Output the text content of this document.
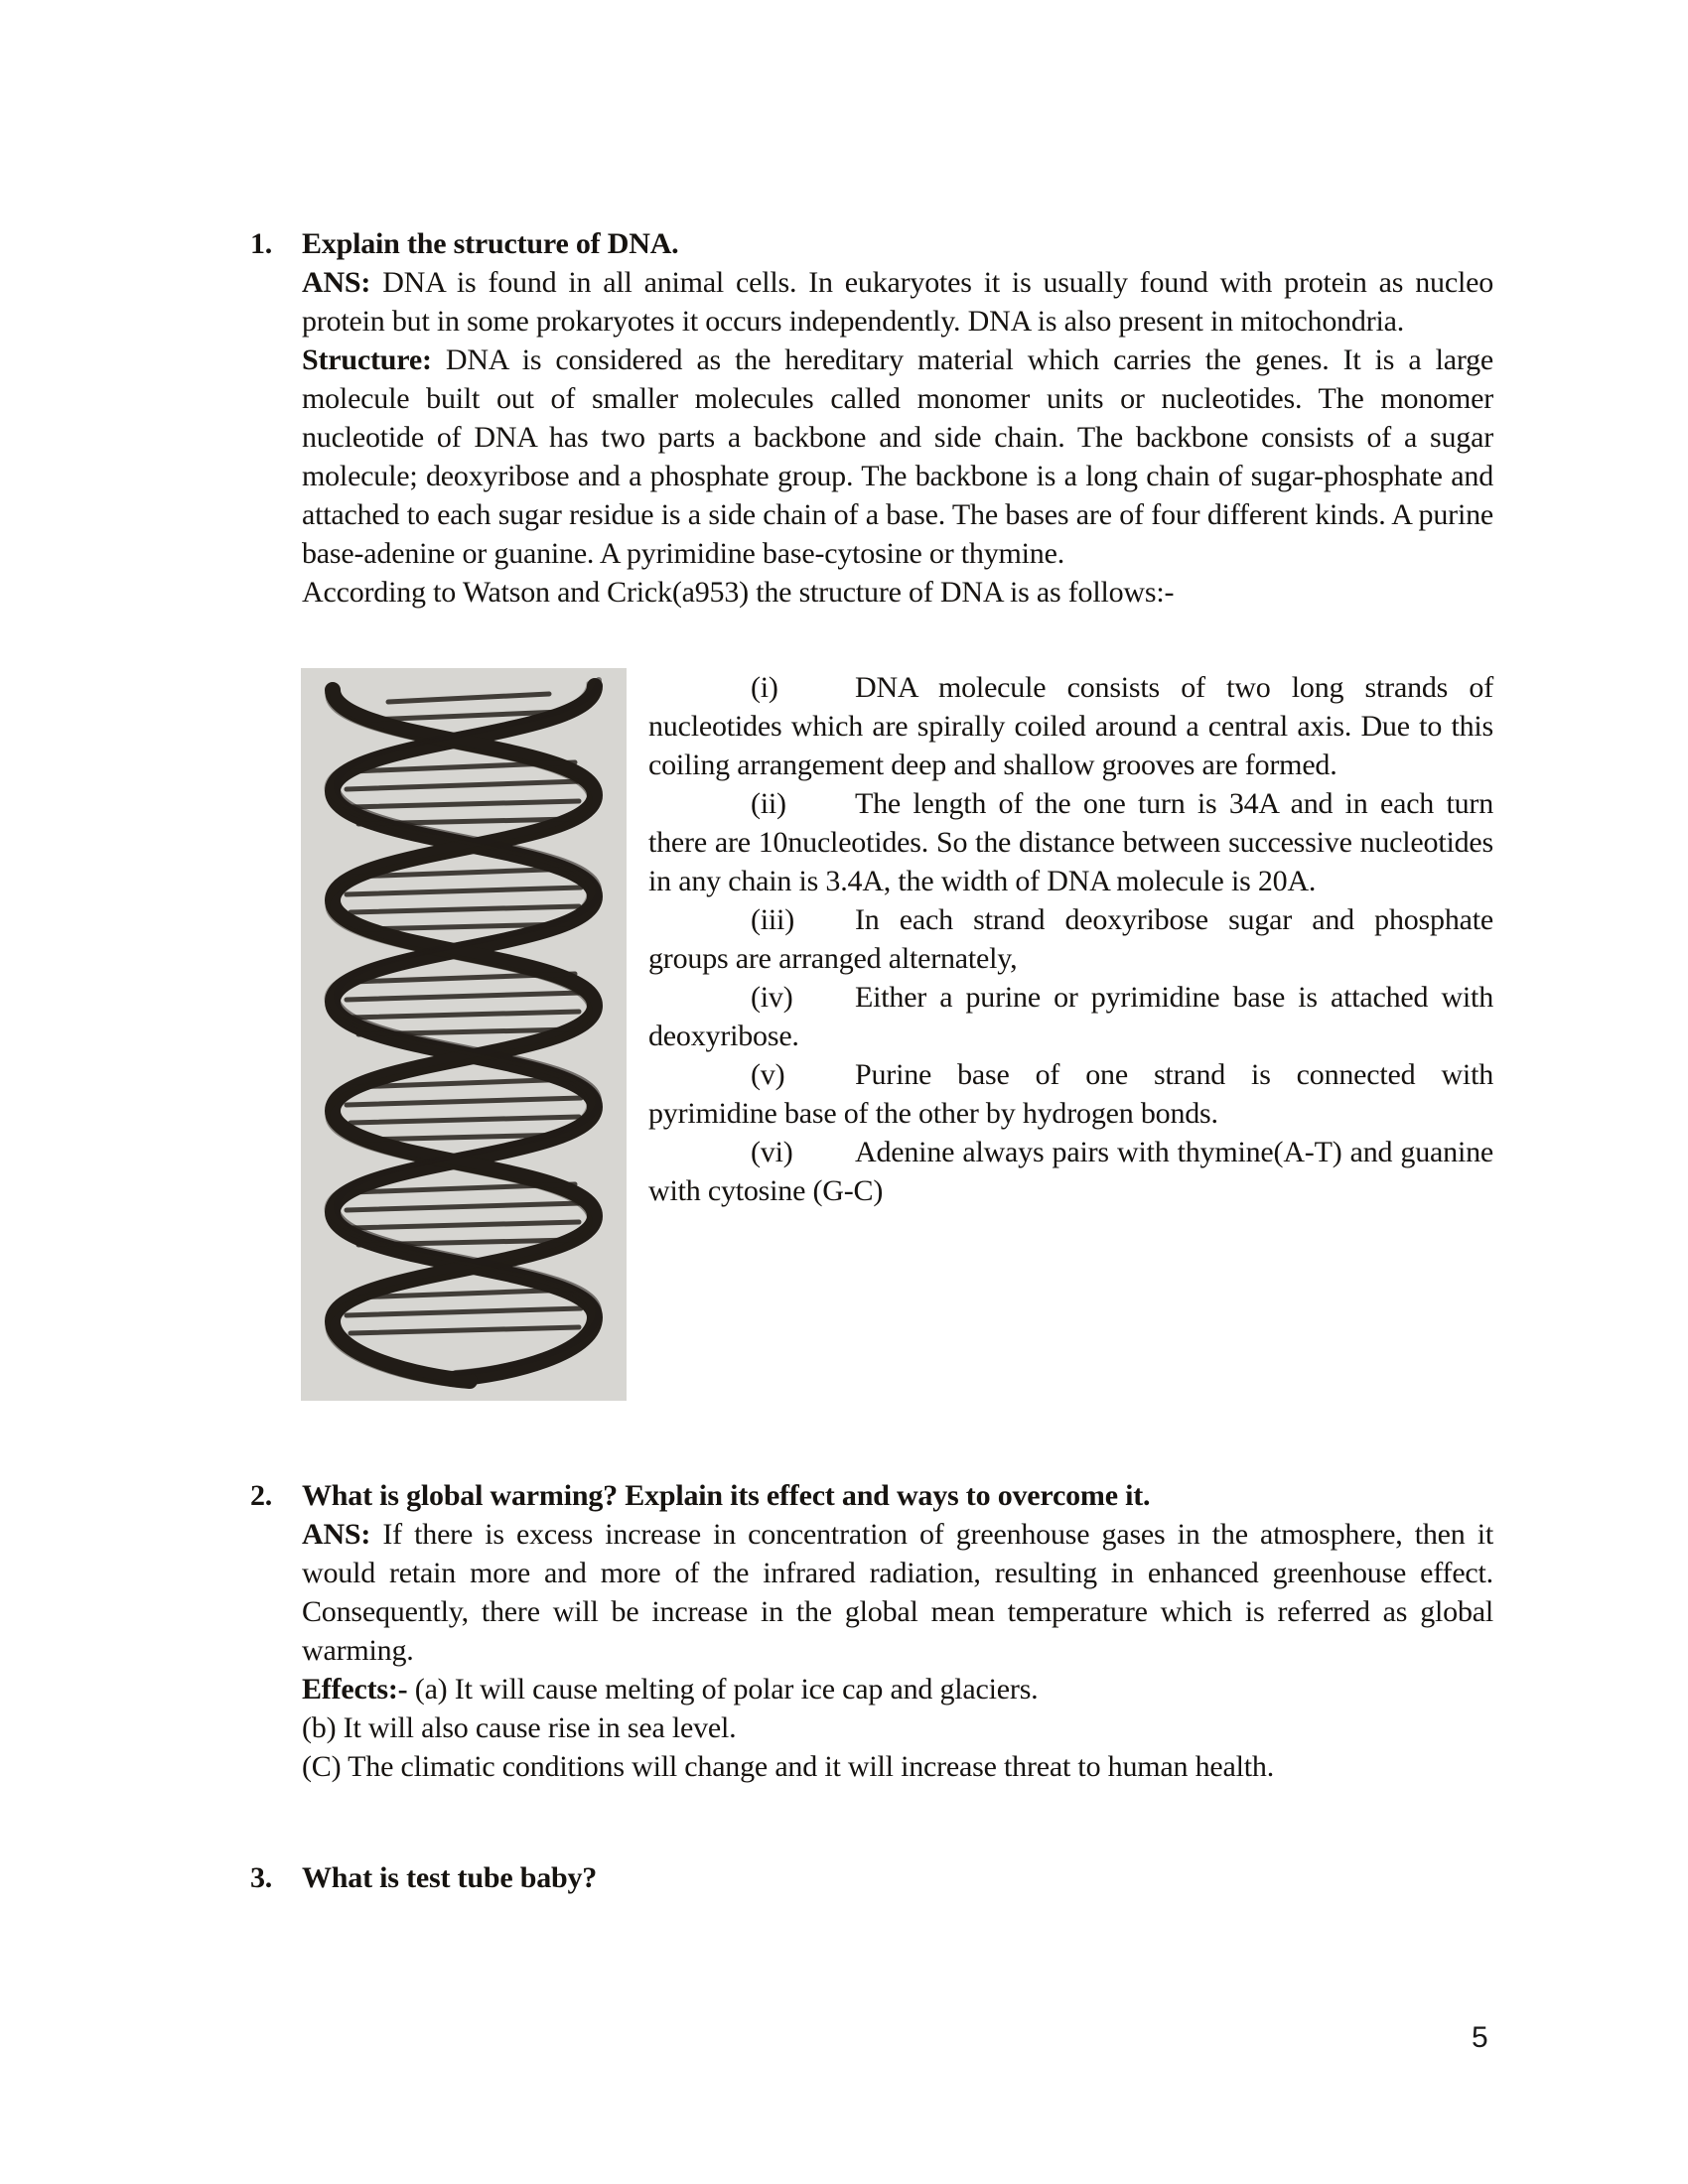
1. Explain the structure of DNA.

ANS: DNA is found in all animal cells. In eukaryotes it is usually found with protein as nucleo protein but in some prokaryotes it occurs independently. DNA is also present in mitochondria.

Structure: DNA is considered as the hereditary material which carries the genes. It is a large molecule built out of smaller molecules called monomer units or nucleotides. The monomer nucleotide of DNA has two parts a backbone and side chain. The backbone consists of a sugar molecule; deoxyribose and a phosphate group. The backbone is a long chain of sugar-phosphate and attached to each sugar residue is a side chain of a base. The bases are of four different kinds. A purine base-adenine or guanine. A pyrimidine base-cytosine or thymine.

According to Watson and Crick(a953) the structure of DNA is as follows:-

(i)	DNA molecule consists of two long strands of nucleotides which are spirally coiled around a central axis. Due to this coiling arrangement deep and shallow grooves are formed.

(ii) The length of the one turn is 34A and in each turn there are 10nucleotides. So the distance between successive nucleotides in any chain is 3.4A, the width of DNA molecule is 20A.

(iii) In each strand deoxyribose sugar and phosphate groups are arranged alternately,

(iv) Either a purine or pyrimidine base is attached with deoxyribose.

(v) Purine base of one strand is connected with pyrimidine base of the other by hydrogen bonds.

(vi) Adenine always pairs with thymine(A-T) and guanine with cytosine (G-C)

2. What is global warming? Explain its effect and ways to overcome it.

ANS: If there is excess increase in concentration of greenhouse gases in the atmosphere, then it would retain more and more of the infrared radiation, resulting in enhanced greenhouse effect. Consequently, there will be increase in the global mean temperature which is referred as global warming.

Effects:- (a) It will cause melting of polar ice cap and glaciers.

(b) It will also cause rise in sea level.

(C) The climatic conditions will change and it will increase threat to human health.

3. What is test tube baby?
5
